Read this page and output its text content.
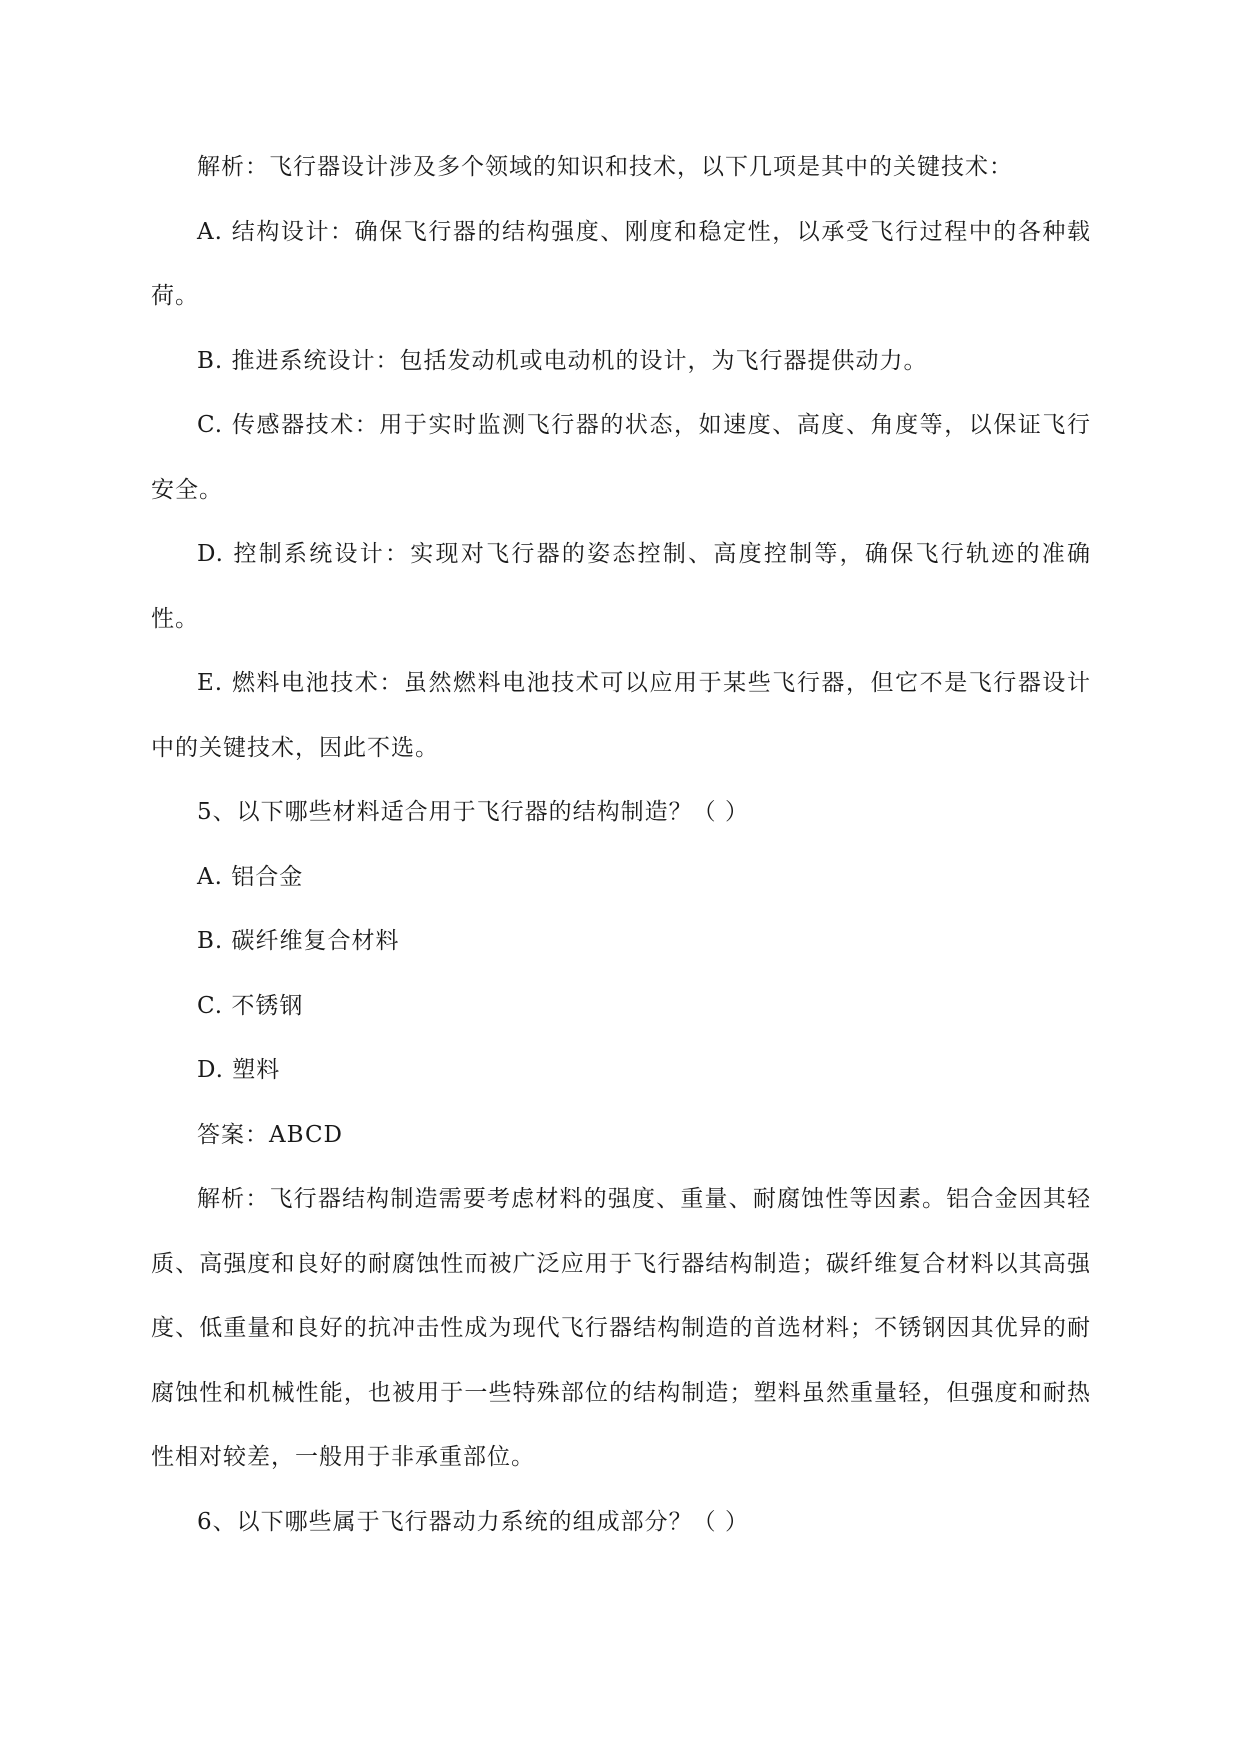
解析：飞行器设计涉及多个领域的知识和技术，以下几项是其中的关键技术：

A. 结构设计：确保飞行器的结构强度、刚度和稳定性，以承受飞行过程中的各种载荷。

B. 推进系统设计：包括发动机或电动机的设计，为飞行器提供动力。

C. 传感器技术：用于实时监测飞行器的状态，如速度、高度、角度等，以保证飞行安全。

D. 控制系统设计：实现对飞行器的姿态控制、高度控制等，确保飞行轨迹的准确性。

E. 燃料电池技术：虽然燃料电池技术可以应用于某些飞行器，但它不是飞行器设计中的关键技术，因此不选。

5、以下哪些材料适合用于飞行器的结构制造？（ ）

A. 铝合金

B. 碳纤维复合材料

C. 不锈钢

D. 塑料

答案：ABCD

解析：飞行器结构制造需要考虑材料的强度、重量、耐腐蚀性等因素。铝合金因其轻质、高强度和良好的耐腐蚀性而被广泛应用于飞行器结构制造；碳纤维复合材料以其高强度、低重量和良好的抗冲击性成为现代飞行器结构制造的首选材料；不锈钢因其优异的耐腐蚀性和机械性能，也被用于一些特殊部位的结构制造；塑料虽然重量轻，但强度和耐热性相对较差，一般用于非承重部位。

6、以下哪些属于飞行器动力系统的组成部分？（ ）
